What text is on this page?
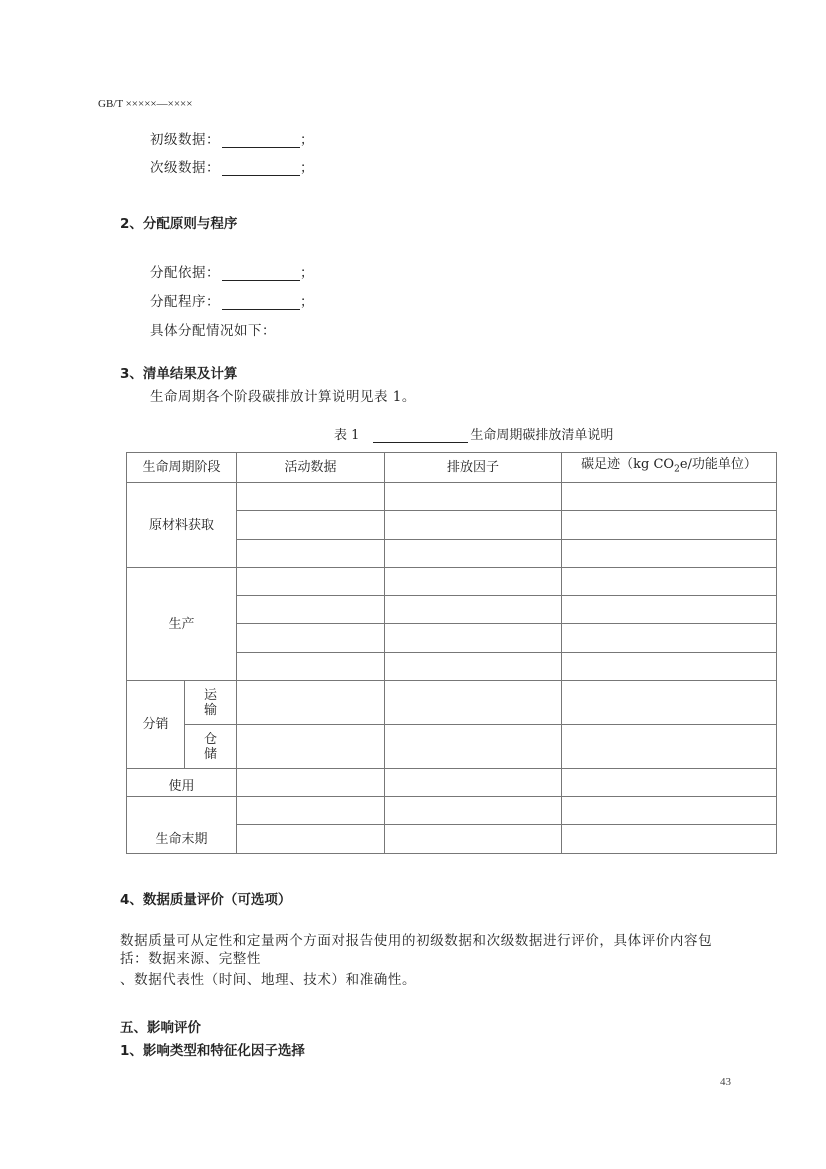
GB/T ×××××—××××
初级数据：	；
次级数据：	；
2、分配原则与程序
分配依据：	；
分配程序：	；
具体分配情况如下：
3、清单结果及计算
生命周期各个阶段碳排放计算说明见表 1。
表 1	生命周期碳排放清单说明
生命周期阶段		活动数据	排放因子	碳足迹（kg $CO_2e/$功能单位）
原材料获取				

生产				

分销	运输			
	仓储			
使用				
生命末期				

4、数据质量评价（可选项）
数据质量可从定性和定量两个方面对报告使用的初级数据和次级数据进行评价，具体评价内容包
括：数据来源、完整性
、数据代表性（时间、地理、技术）和准确性。
五、影响评价
1、影响类型和特征化因子选择
43
